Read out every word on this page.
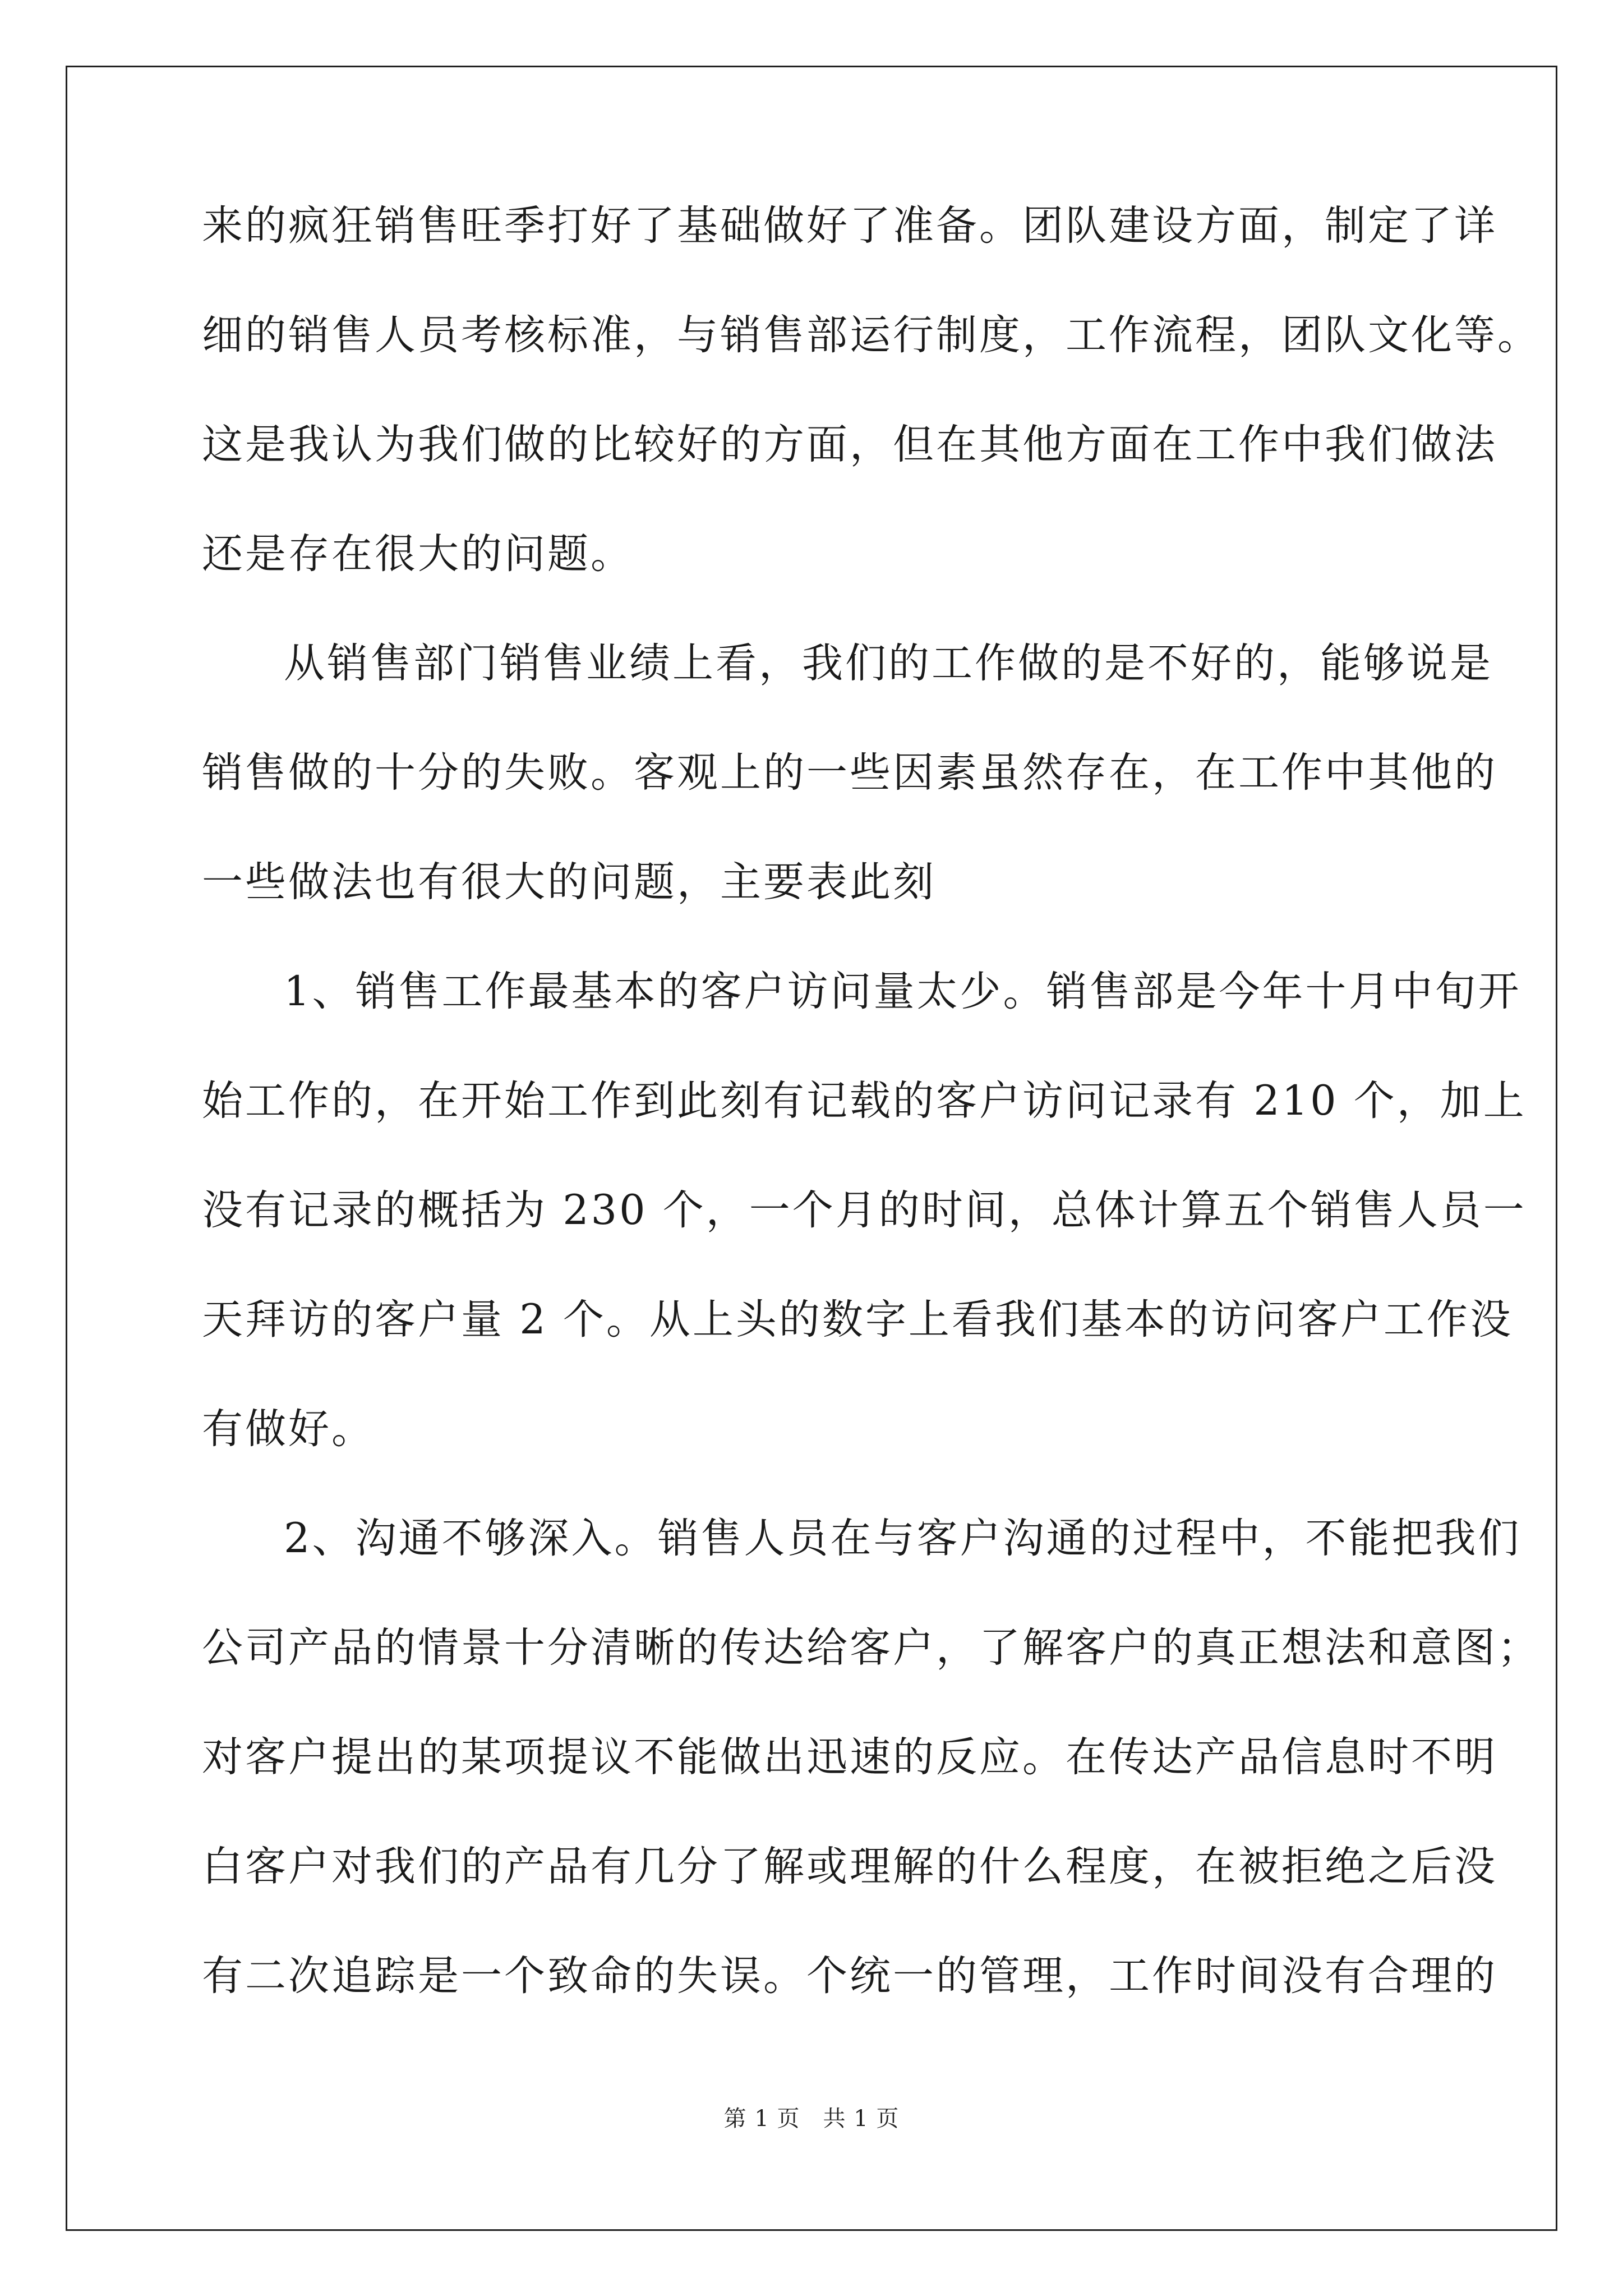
来的疯狂销售旺季打好了基础做好了准备。团队建设方面，制定了详
细的销售人员考核标准，与销售部运行制度，工作流程，团队文化等。
这是我认为我们做的比较好的方面，但在其他方面在工作中我们做法
还是存在很大的问题。
从销售部门销售业绩上看，我们的工作做的是不好的，能够说是
销售做的十分的失败。客观上的一些因素虽然存在，在工作中其他的
一些做法也有很大的问题，主要表此刻
1、销售工作最基本的客户访问量太少。销售部是今年十月中旬开
始工作的，在开始工作到此刻有记载的客户访问记录有 210 个，加上
没有记录的概括为 230 个，一个月的时间，总体计算五个销售人员一
天拜访的客户量 2 个。从上头的数字上看我们基本的访问客户工作没
有做好。
2、沟通不够深入。销售人员在与客户沟通的过程中，不能把我们
公司产品的情景十分清晰的传达给客户，了解客户的真正想法和意图；
对客户提出的某项提议不能做出迅速的反应。在传达产品信息时不明
白客户对我们的产品有几分了解或理解的什么程度，在被拒绝之后没
有二次追踪是一个致命的失误。个统一的管理，工作时间没有合理的
第 1 页　共 1 页
